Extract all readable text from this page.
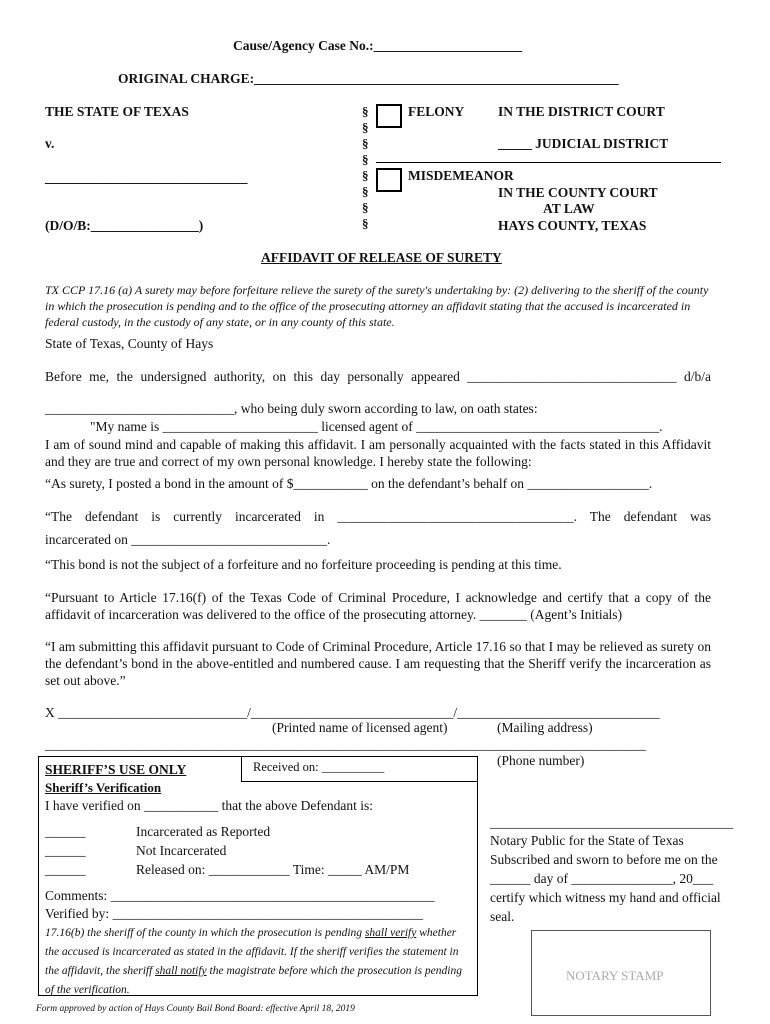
Cause/Agency Case No.:______________________
ORIGINAL CHARGE:______________________________________________________
THE STATE OF TEXAS
v.
______________________________
(D/O/B:________________)
§
§
§
§
§
§
§
§
FELONY
MISDEMEANOR
IN THE DISTRICT COURT
_____ JUDICIAL DISTRICT
IN THE COUNTY COURT
AT LAW
HAYS COUNTY, TEXAS
AFFIDAVIT OF RELEASE OF SURETY
TX CCP 17.16 (a) A surety may before forfeiture relieve the surety of the surety's undertaking by: (2) delivering to the sheriff of the county in which the prosecution is pending and to the office of the prosecuting attorney an affidavit stating that the accused is incarcerated in federal custody, in the custody of any state, or in any county of this state.
State of Texas, County of Hays
Before me, the undersigned authority, on this day personally appeared _______________________________ d/b/a
____________________________, who being duly sworn according to law, on oath states:
"My name is _______________________ licensed agent of ____________________________________.
I am of sound mind and capable of making this affidavit. I am personally acquainted with the facts stated in this Affidavit and they are true and correct of my own personal knowledge. I hereby state the following:
“As surety, I posted a bond in the amount of $___________ on the defendant’s behalf on __________________.
“The defendant is currently incarcerated in ___________________________________. The defendant was
incarcerated on _____________________________.
“This bond is not the subject of a forfeiture and no forfeiture proceeding is pending at this time.
“Pursuant to Article 17.16(f) of the Texas Code of Criminal Procedure, I acknowledge and certify that a copy of the affidavit of incarceration was delivered to the office of the prosecuting attorney. _______ (Agent’s Initials)
“I am submitting this affidavit pursuant to Code of Criminal Procedure, Article 17.16 so that I may be relieved as surety on the defendant’s bond in the above-entitled and numbered cause. I am requesting that the Sheriff verify the incarceration as set out above.”
X ____________________________/______________________________/______________________________
(Printed name of licensed agent)	(Mailing address)
_________________________________________________________________________________________
(Phone number)
Received on: __________
SHERIFF’S USE ONLY
Sheriff’s Verification
I have verified on ___________ that the above Defendant is:
______	Incarcerated as Reported
______	Not Incarcerated
______	Released on: ____________ Time: _____ AM/PM
Comments: ________________________________________________
Verified by: ______________________________________________
17.16(b) the sheriff of the county in which the prosecution is pending shall verify whether the accused is incarcerated as stated in the affidavit. If the sheriff verifies the statement in the affidavit, the sheriff shall notify the magistrate before which the prosecution is pending of the verification.
____________________________________
Notary Public for the State of Texas
Subscribed and sworn to before me on the
______ day of _______________, 20___
certify which witness my hand and official
seal.
NOTARY STAMP
Form approved by action of Hays County Bail Bond Board: effective April 18, 2019
